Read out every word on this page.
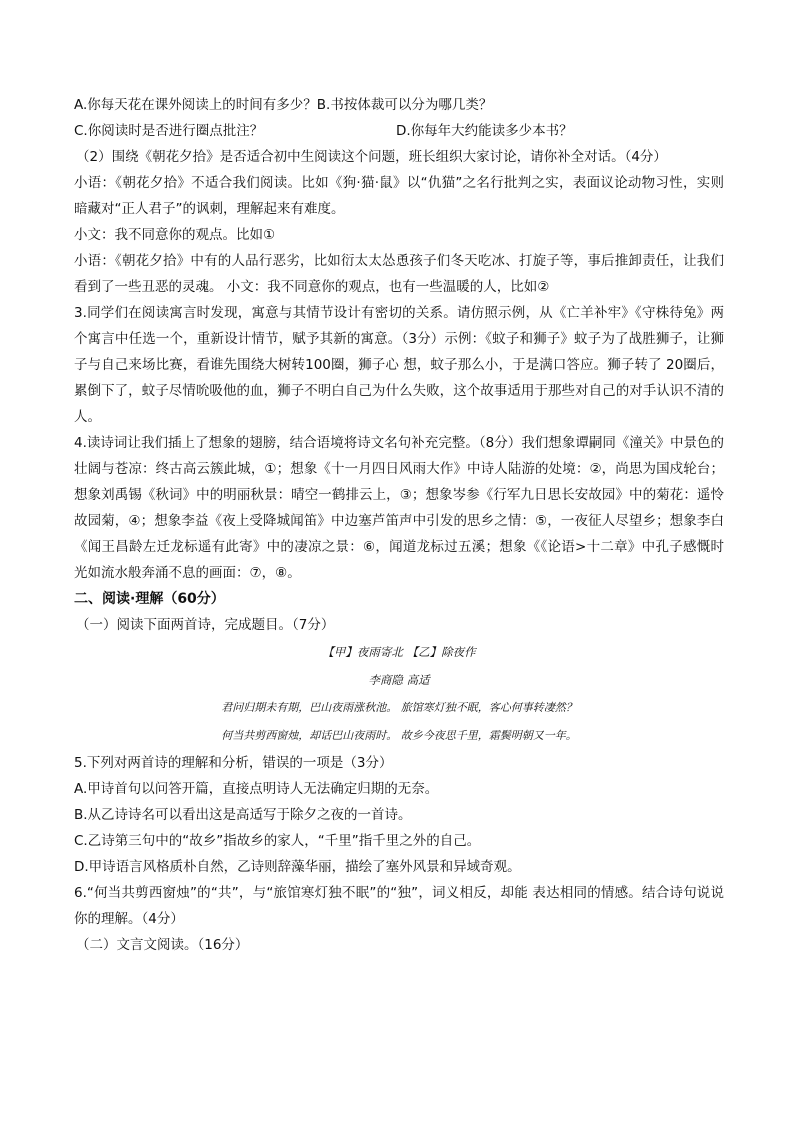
A.你每天花在课外阅读上的时间有多少？B.书按体裁可以分为哪几类？
C.你阅读时是否进行圈点批注？	D.你每年大约能读多少本书？
（2）围绕《朝花夕拾》是否适合初中生阅读这个问题，班长组织大家讨论，请你补全对话。（4分）
小语：《朝花夕拾》不适合我们阅读。比如《狗·猫·鼠》以“仇猫”之名行批判之实，表面议论动物习性，实则暗藏对“正人君子”的讽刺，理解起来有难度。
小文：我不同意你的观点。比如①
小语：《朝花夕拾》中有的人品行恶劣，比如衍太太怂恿孩子们冬天吃冰、打旋子等，事后推卸责任，让我们看到了一些丑恶的灵魂。 小文：我不同意你的观点，也有一些温暖的人，比如②
3.同学们在阅读寓言时发现，寓意与其情节设计有密切的关系。请仿照示例，从《亡羊补牢》《守株待兔》两个寓言中任选一个，重新设计情节，赋予其新的寓意。（3分）示例：《蚊子和狮子》蚊子为了战胜狮子，让狮子与自己来场比赛，看谁先围绕大树转100圈，狮子心 想，蚊子那么小，于是满口答应。狮子转了 20圈后，累倒下了，蚊子尽情吮吸他的血，狮子不明白自己为什么失败，这个故事适用于那些对自己的对手认识不清的人。
4.读诗词让我们插上了想象的翅膀，结合语境将诗文名句补充完整。（8分）我们想象谭嗣同《潼关》中景色的壮阔与苍凉：终古高云簇此城，①；想象《十一月四日风雨大作》中诗人陆游的处境：②，尚思为国戍轮台；想象刘禹锡《秋词》中的明丽秋景：晴空一鹤排云上，③；想象岑参《行军九日思长安故园》中的菊花：遥怜故园菊，④；想象李益《夜上受降城闻笛》中边塞芦笛声中引发的思乡之情：⑤，一夜征人尽望乡；想象李白《闻王昌龄左迁龙标遥有此寄》中的凄凉之景：⑥，闻道龙标过五溪；想象《《论语>十二章》中孔子感慨时光如流水般奔涌不息的画面：⑦，⑧。
二、阅读·理解（60分）
（一）阅读下面两首诗，完成题目。（7分）
【甲】夜雨寄北 【乙】除夜作
李商隐 高适
君问归期未有期，巴山夜雨涨秋池。 旅馆寒灯独不眠，客心何事转凄然？
何当共剪西窗烛，却话巴山夜雨时。 故乡今夜思千里，霜鬓明朝又一年。
5.下列对两首诗的理解和分析，错误的一项是（3分）
A.甲诗首句以问答开篇，直接点明诗人无法确定归期的无奈。
B.从乙诗诗名可以看出这是高适写于除夕之夜的一首诗。
C.乙诗第三句中的“故乡”指故乡的家人，“千里”指千里之外的自己。
D.甲诗语言风格质朴自然，乙诗则辞藻华丽，描绘了塞外风景和异域奇观。
6.“何当共剪西窗烛”的“共”，与“旅馆寒灯独不眠”的“独”，词义相反，却能 表达相同的情感。结合诗句说说你的理解。（4分）
（二）文言文阅读。（16分）
